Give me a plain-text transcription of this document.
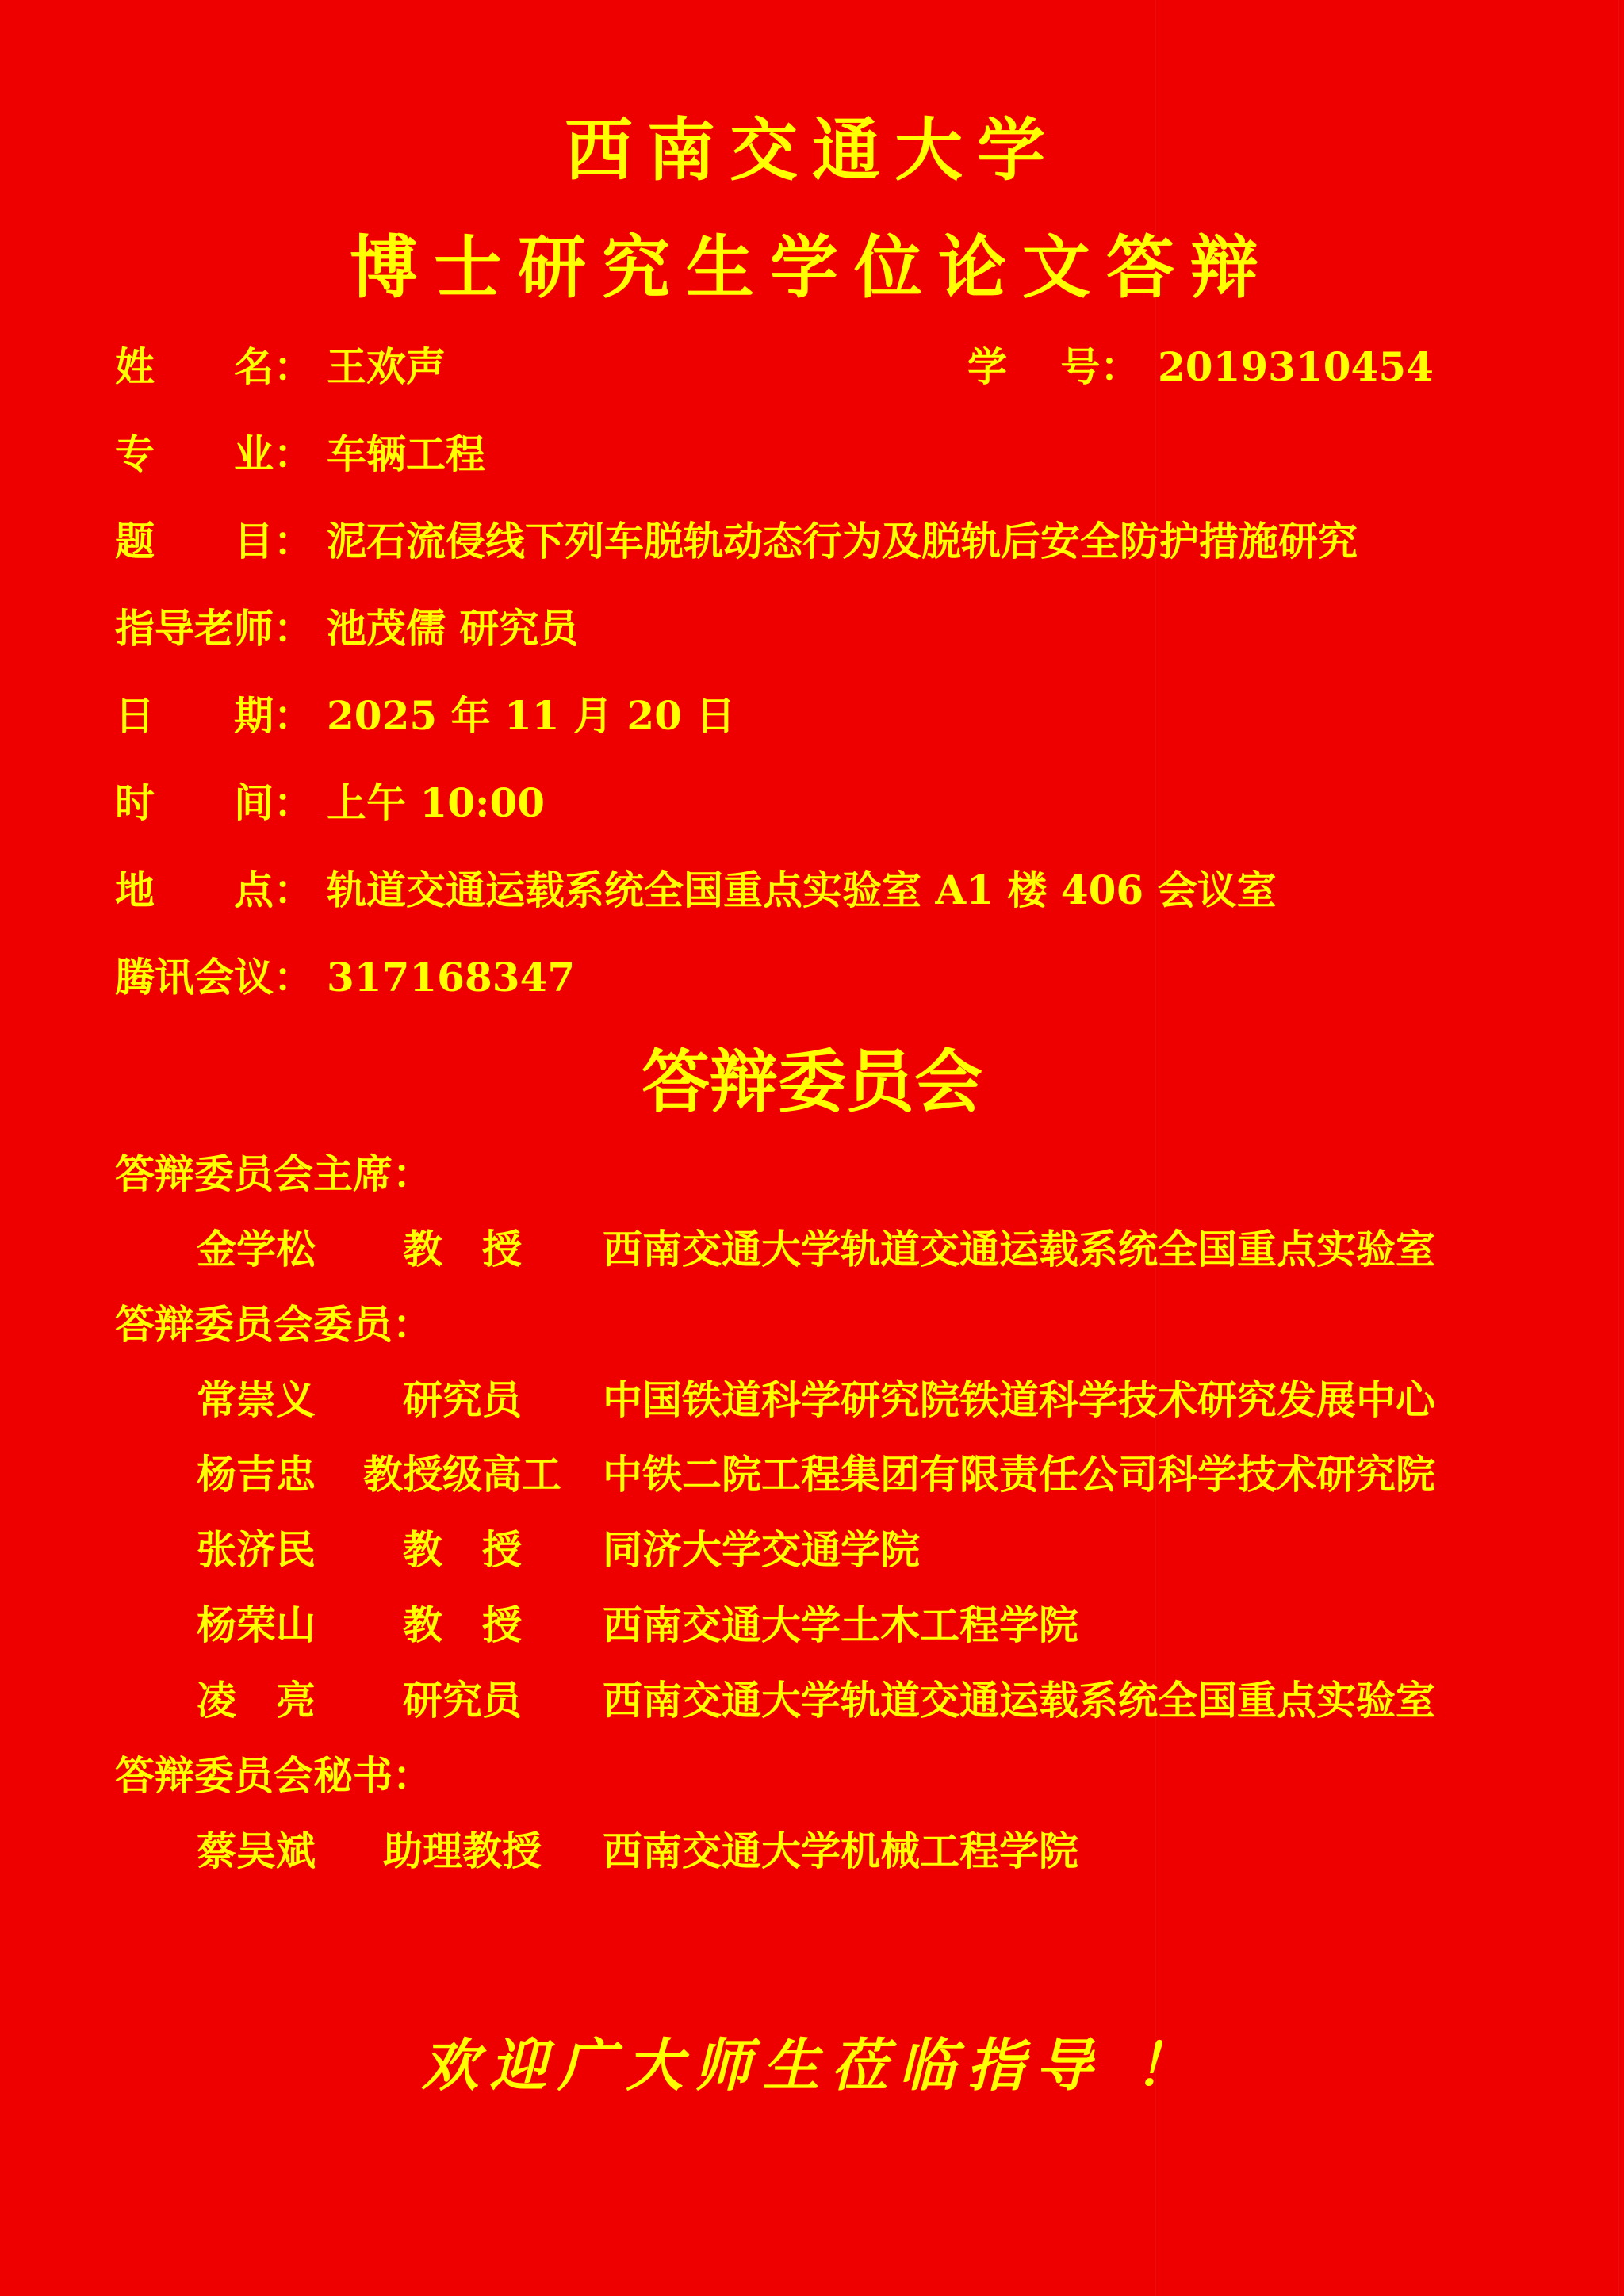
西南交通大学
博士研究生学位论文答辩
姓　　名： 王欢声	学　 号： 2019310454
专　　业： 车辆工程
题　　目： 泥石流侵线下列车脱轨动态行为及脱轨后安全防护措施研究
指导老师： 池茂儒 研究员
日　　期： 2025 年 11 月 20 日
时　　间： 上午 10:00
地　　点： 轨道交通运载系统全国重点实验室 A1 楼 406 会议室
腾讯会议： 317168347
答辩委员会
答辩委员会主席：
金学松	教　授	西南交通大学轨道交通运载系统全国重点实验室
答辩委员会委员：
常崇义	研究员	中国铁道科学研究院铁道科学技术研究发展中心
杨吉忠 教授级高工 中铁二院工程集团有限责任公司科学技术研究院
张济民	教　授	同济大学交通学院
杨荣山	教　授	西南交通大学土木工程学院
凌　亮	研究员	西南交通大学轨道交通运载系统全国重点实验室
答辩委员会秘书：
蔡吴斌	助理教授	西南交通大学机械工程学院
欢迎广大师生莅临指导 ！
